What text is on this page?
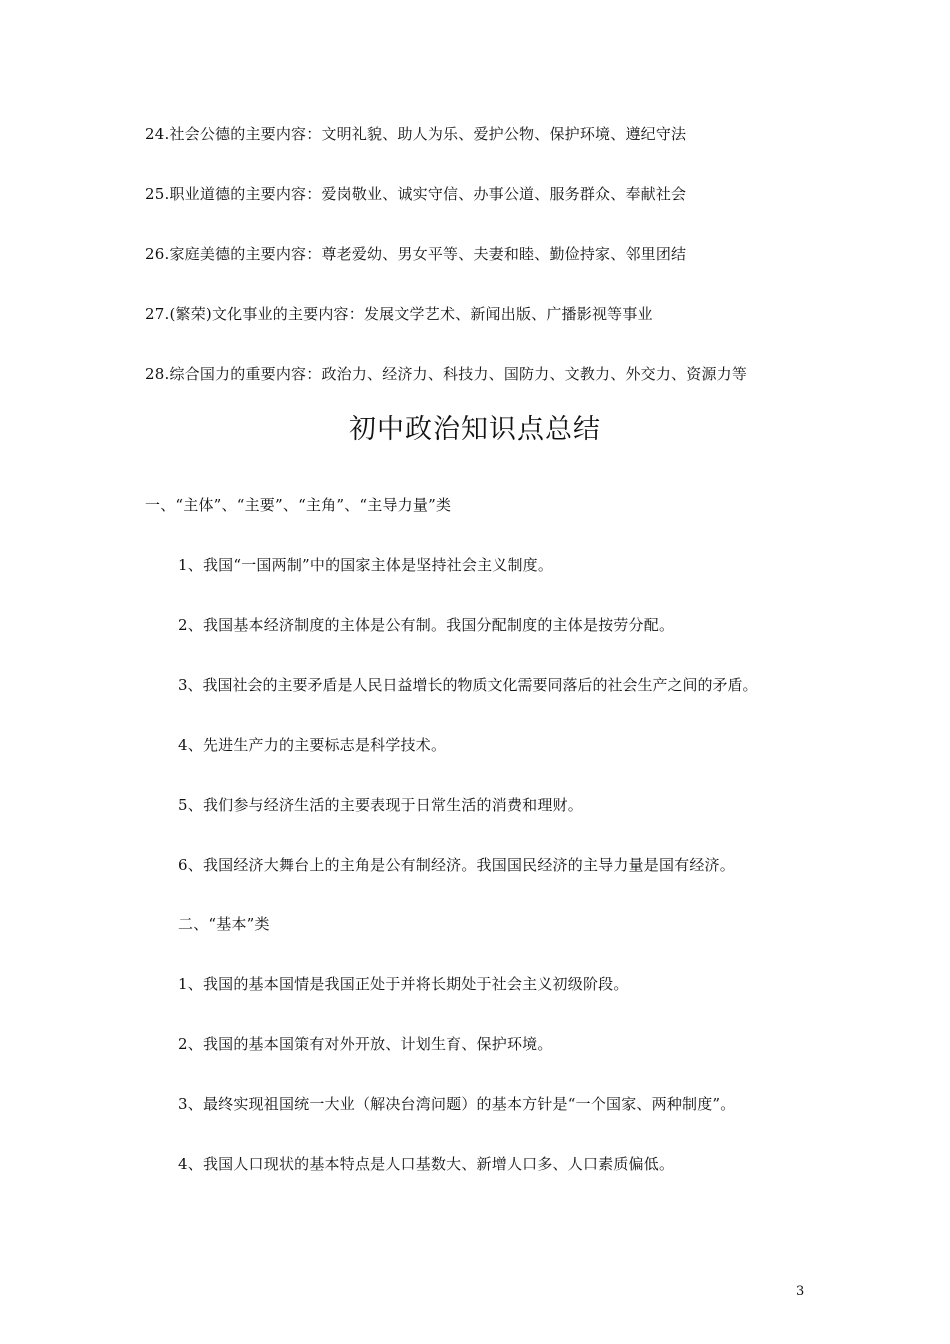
24.社会公德的主要内容：文明礼貌、助人为乐、爱护公物、保护环境、遵纪守法
25.职业道德的主要内容：爱岗敬业、诚实守信、办事公道、服务群众、奉献社会
26.家庭美德的主要内容：尊老爱幼、男女平等、夫妻和睦、勤俭持家、邻里团结
27.(繁荣)文化事业的主要内容：发展文学艺术、新闻出版、广播影视等事业
28.综合国力的重要内容：政治力、经济力、科技力、国防力、文教力、外交力、资源力等
初中政治知识点总结
一、“主体”、“主要”、“主角”、“主导力量”类
1、我国“一国两制”中的国家主体是坚持社会主义制度。
2、我国基本经济制度的主体是公有制。我国分配制度的主体是按劳分配。
3、我国社会的主要矛盾是人民日益增长的物质文化需要同落后的社会生产之间的矛盾。
4、先进生产力的主要标志是科学技术。
5、我们参与经济生活的主要表现于日常生活的消费和理财。
6、我国经济大舞台上的主角是公有制经济。我国国民经济的主导力量是国有经济。
二、“基本”类
1、我国的基本国情是我国正处于并将长期处于社会主义初级阶段。
2、我国的基本国策有对外开放、计划生育、保护环境。
3、最终实现祖国统一大业（解决台湾问题）的基本方针是“一个国家、两种制度”。
4、我国人口现状的基本特点是人口基数大、新增人口多、人口素质偏低。
3
